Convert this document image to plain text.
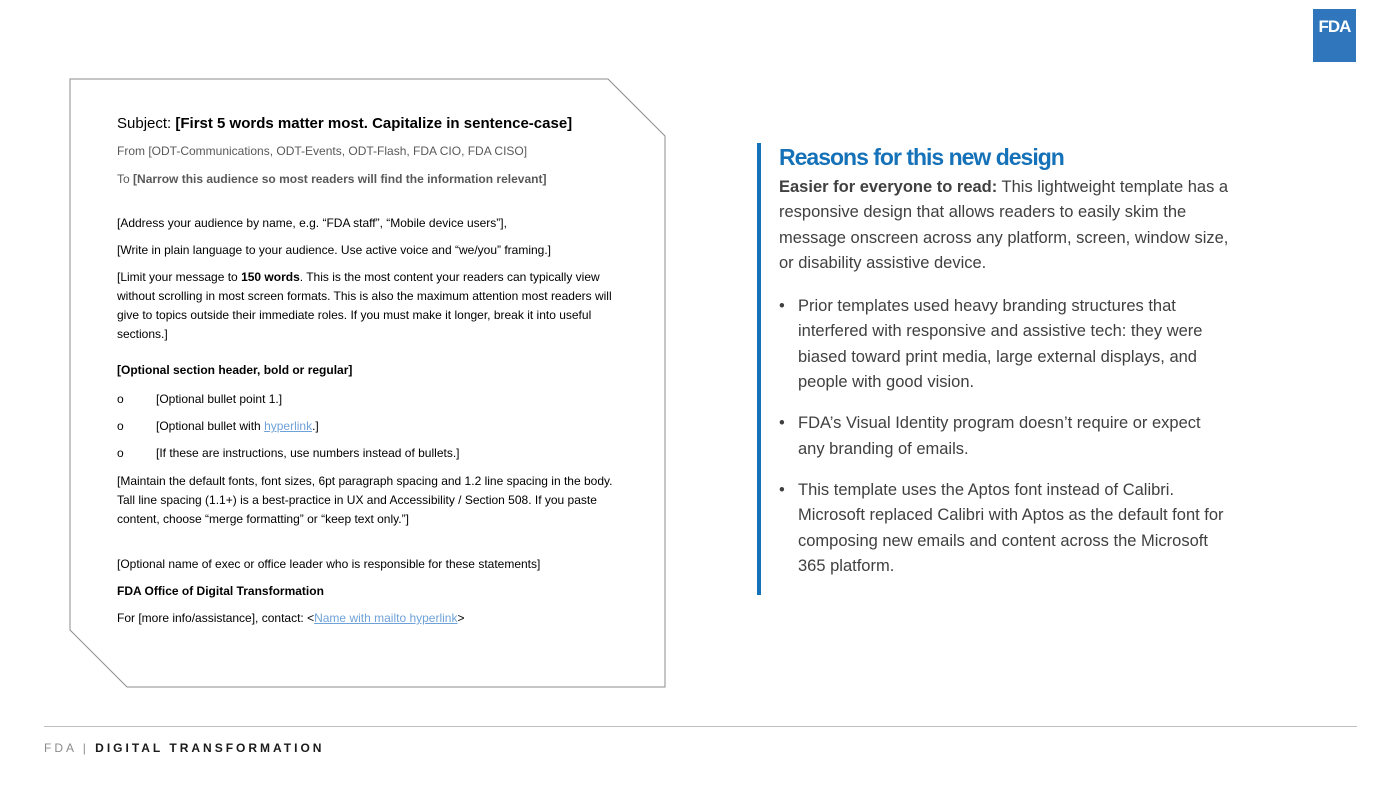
FDA

Subject: [First 5 words matter most. Capitalize in sentence-case]

From [ODT-Communications, ODT-Events, ODT-Flash, FDA CIO, FDA CISO]

To [Narrow this audience so most readers will find the information relevant]

[Address your audience by name, e.g. “FDA staff”, “Mobile device users”],

[Write in plain language to your audience. Use active voice and “we/you” framing.]

[Limit your message to 150 words. This is the most content your readers can typically view without scrolling in most screen formats. This is also the maximum attention most readers will give to topics outside their immediate roles. If you must make it longer, break it into useful sections.]

[Optional section header, bold or regular]

o	[Optional bullet point 1.]
o	[Optional bullet with hyperlink.]
o	[If these are instructions, use numbers instead of bullets.]

[Maintain the default fonts, font sizes, 6pt paragraph spacing and 1.2 line spacing in the body. Tall line spacing (1.1+) is a best-practice in UX and Accessibility / Section 508. If you paste content, choose “merge formatting” or “keep text only.”]

[Optional name of exec or office leader who is responsible for these statements]

FDA Office of Digital Transformation

For [more info/assistance], contact: <Name with mailto hyperlink>

Reasons for this new design

Easier for everyone to read: This lightweight template has a responsive design that allows readers to easily skim the message onscreen across any platform, screen, window size, or disability assistive device.

• Prior templates used heavy branding structures that interfered with responsive and assistive tech: they were biased toward print media, large external displays, and people with good vision.
• FDA’s Visual Identity program doesn’t require or expect any branding of emails.
• This template uses the Aptos font instead of Calibri. Microsoft replaced Calibri with Aptos as the default font for composing new emails and content across the Microsoft 365 platform.
FDA | DIGITAL TRANSFORMATION
